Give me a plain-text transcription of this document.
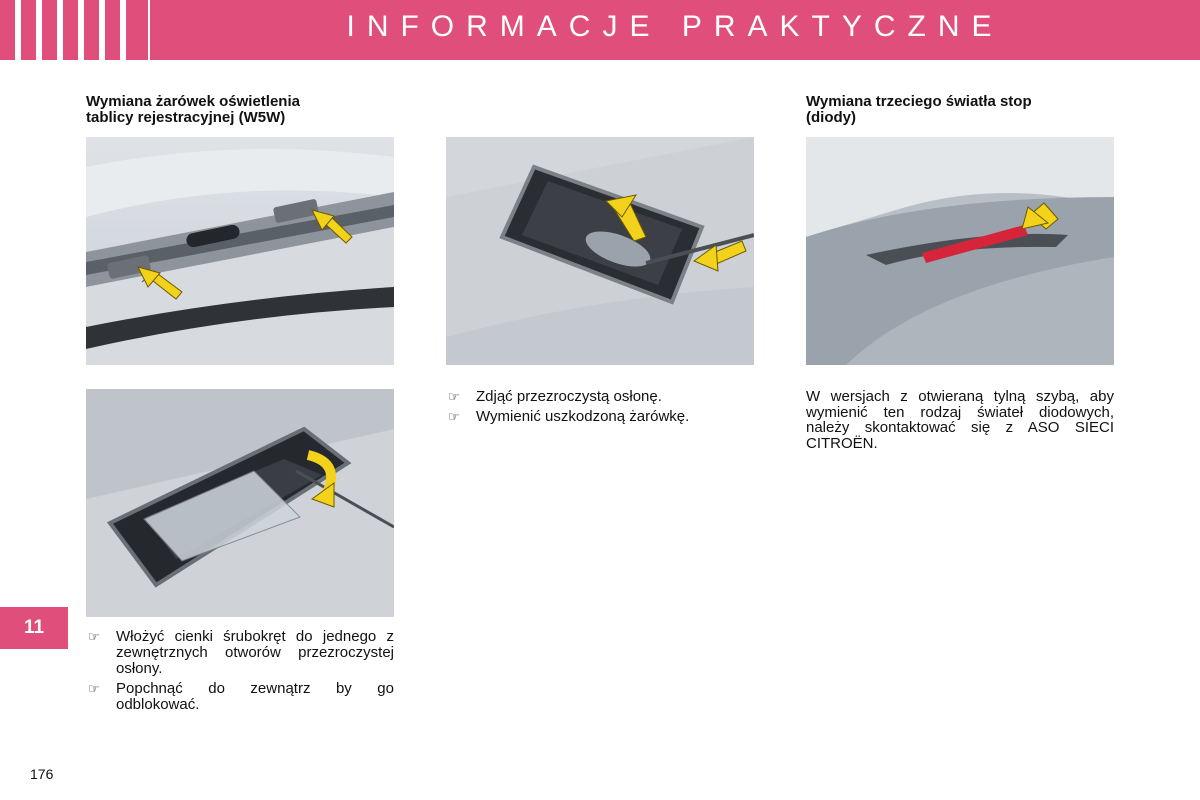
INFORMACJE PRAKTYCZNE
Wymiana żarówek oświetlenia
tablicy rejestracyjnej (W5W)
Wymiana trzeciego światła stop
(diody)
☞ Zdjąć przezroczystą osłonę.
☞ Wymienić uszkodzoną żarówkę.
W wersjach z otwieraną tylną szybą, aby wymienić ten rodzaj świateł diodowych, należy skontaktować się z ASO SIECI CITROËN.
☞ Włożyć cienki śrubokręt do jednego z zewnętrznych otworów przezroczystej osłony.
☞ Popchnąć do zewnątrz by go odblokować.
11
176
